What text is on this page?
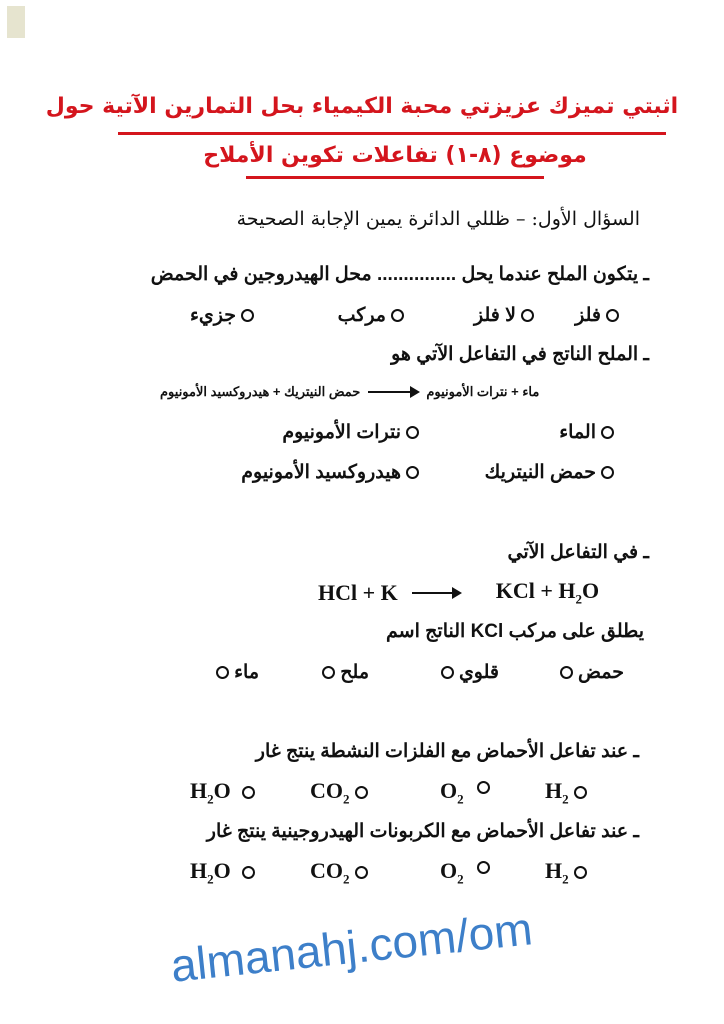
اثبتي تميزك عزيزتي محبة الكيمياء بحل التمارين الآتية حول
موضوع (٨-١) تفاعلات تكوين الأملاح
السؤال الأول: – ظللي الدائرة يمين الإجابة الصحيحة
ـ يتكون الملح عندما يحل ............... محل الهيدروجين في الحمض
فلز
لا فلز
مركب
جزيء
ـ الملح الناتج في التفاعل الآتي هو
حمض النيتريك + هيدروكسيد الأمونيوم	ماء + نترات الأمونيوم
الماء
نترات الأمونيوم
حمض النيتريك
هيدروكسيد الأمونيوم
ـ في التفاعل الآتي
HCl + K	KCl + $H_2O$
يطلق على مركب KCl الناتج اسم
حمض
قلوي
ملح
ماء
ـ عند تفاعل الأحماض مع الفلزات النشطة ينتج غار
$H_2$
$O_2$
$CO_2$
$H_2O$
ـ عند تفاعل الأحماض مع الكربونات الهيدروجينية ينتج غار
$H_2$
$O_2$
$CO_2$
$H_2O$
almanahj.com/om
